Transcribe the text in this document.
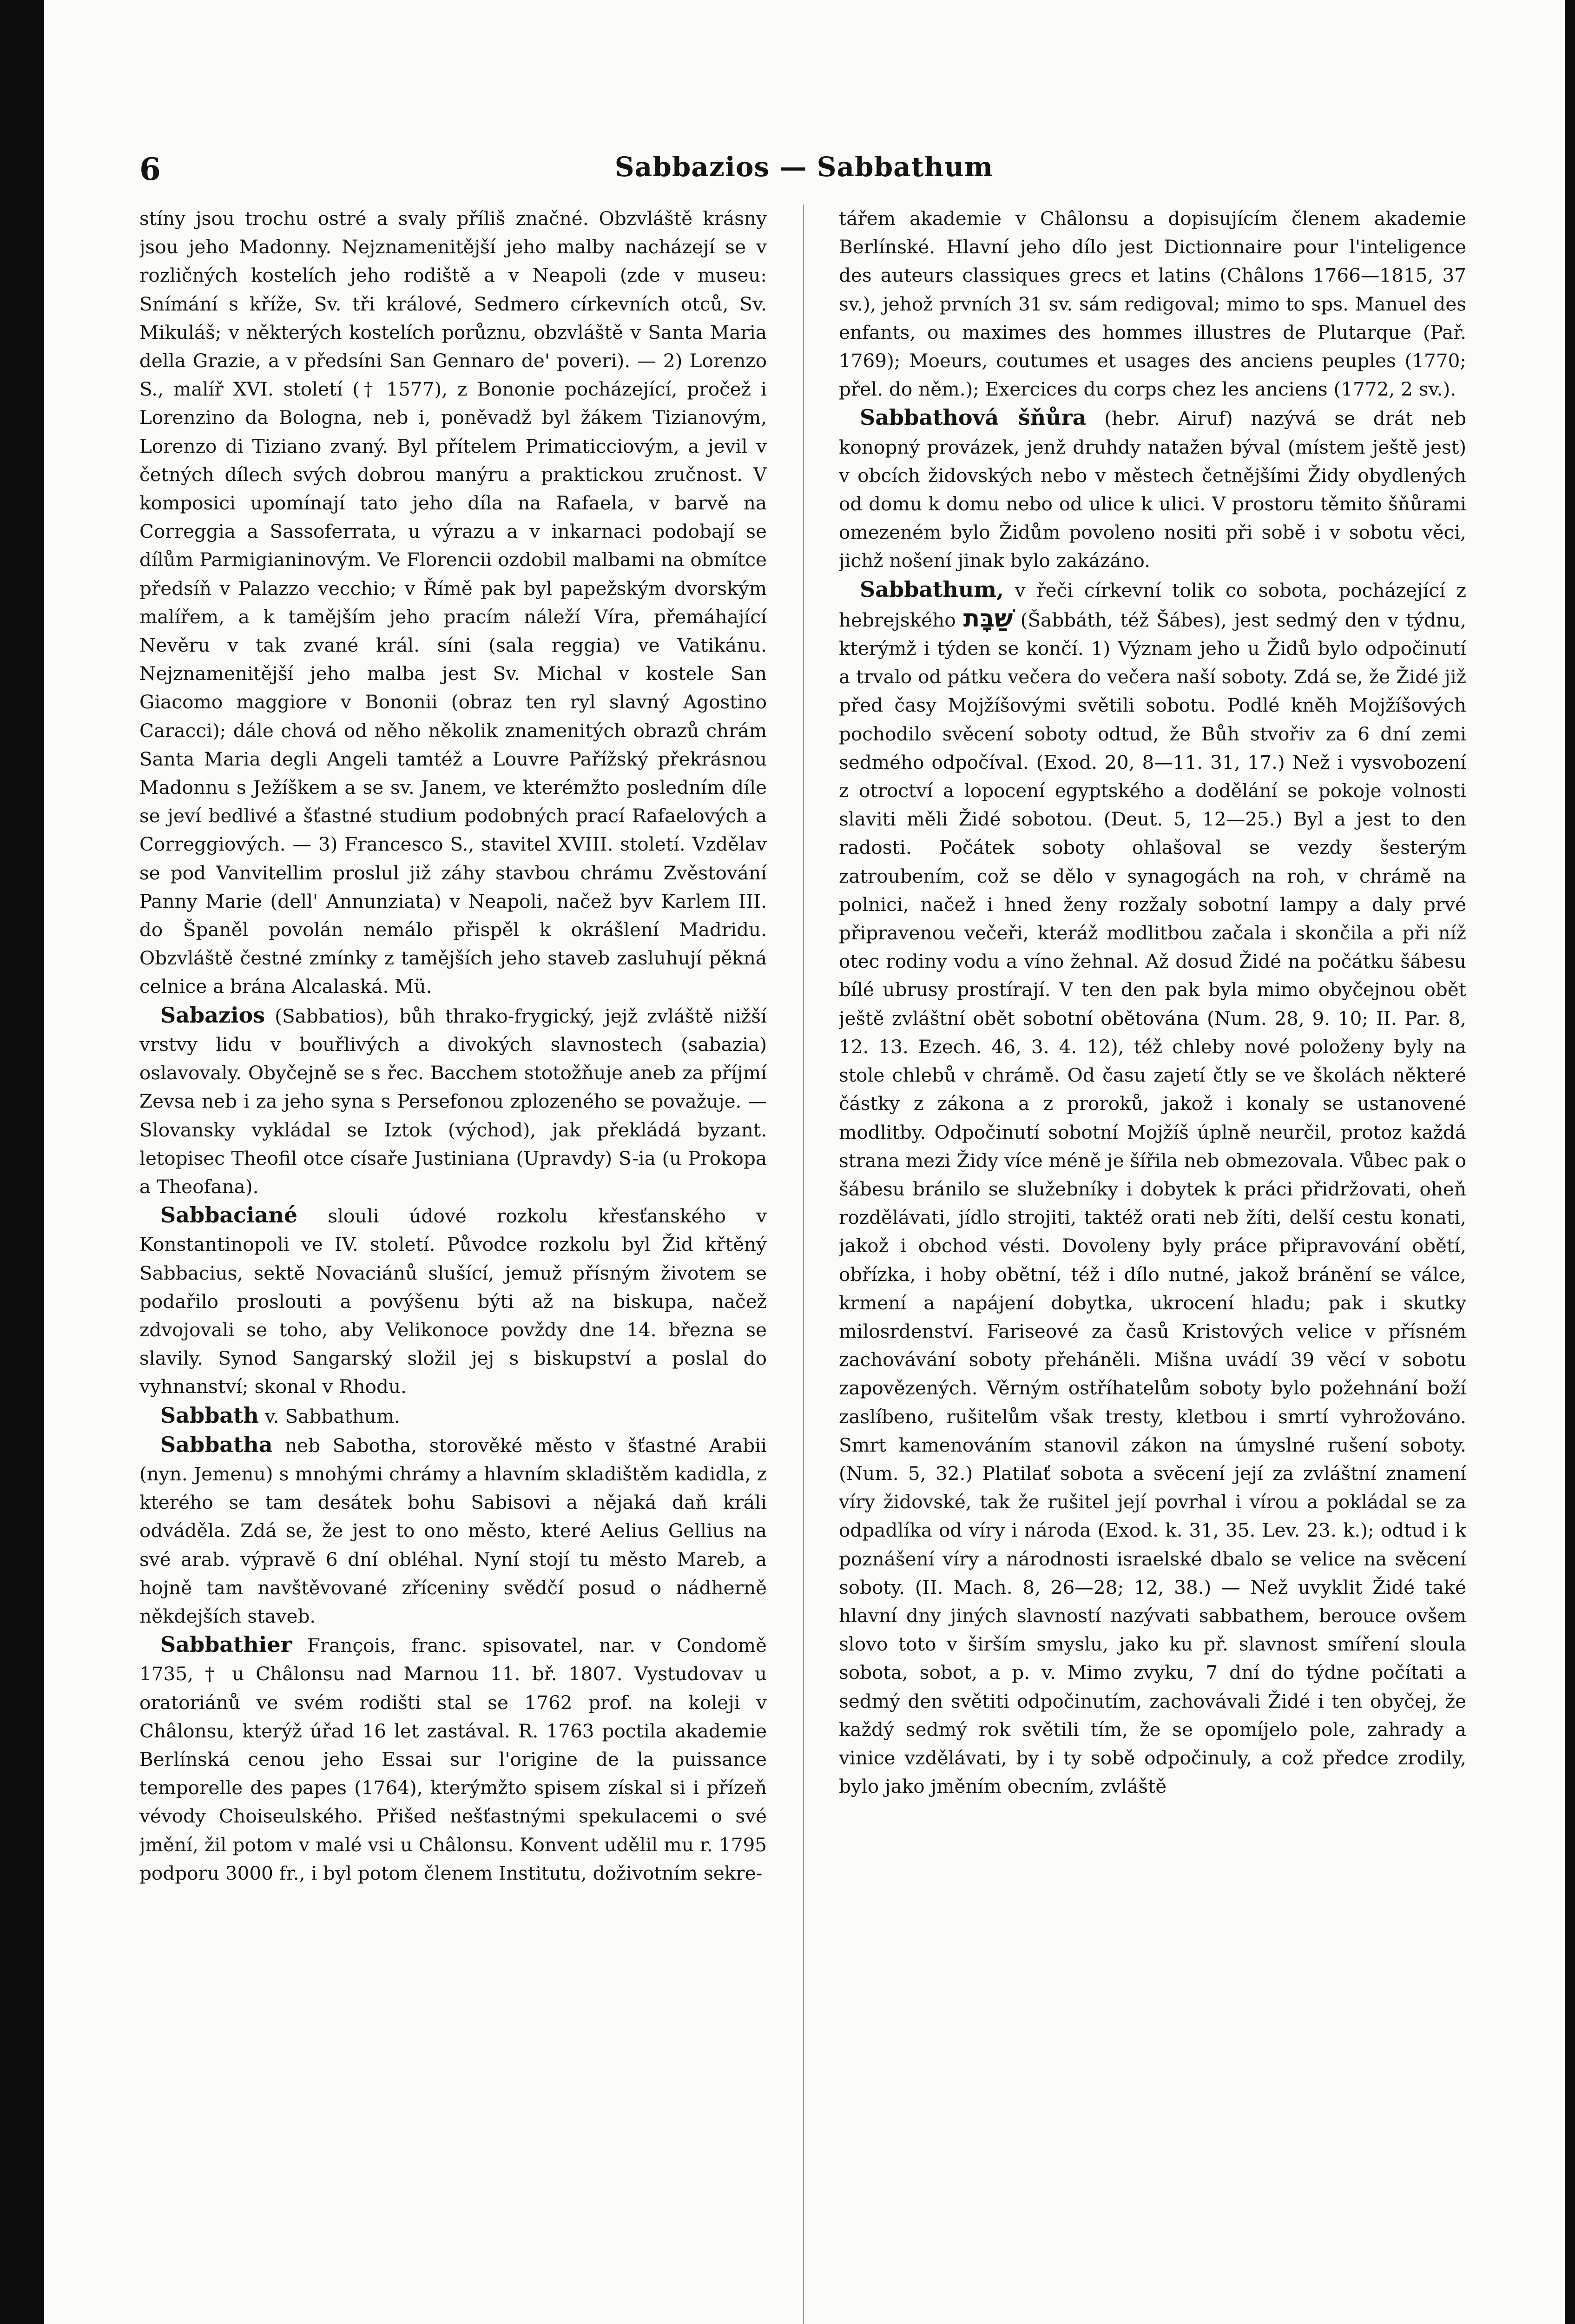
6	Sabbazios — Sabbathum

stíny jsou trochu ostré a svaly příliš značné. Obzvláště krásny jsou jeho Madonny. Nejznamenitější jeho malby nacházejí se v rozličných kostelích jeho rodiště a v Neapoli (zde v museu: Snímání s kříže, Sv. tři králové, Sedmero církevních otců, Sv. Mikuláš; v některých kostelích porůznu, obzvláště v Santa Maria della Grazie, a v předsíni San Gennaro de' poveri). — 2) Lorenzo S., malíř XVI. století († 1577), z Bononie pocházející, pročež i Lorenzino da Bologna, neb i, poněvadž byl žákem Tizianovým, Lorenzo di Tiziano zvaný. Byl přítelem Primaticciovým, a jevil v četných dílech svých dobrou manýru a praktickou zručnost. V komposici upomínají tato jeho díla na Rafaela, v barvě na Correggia a Sassoferrata, u výrazu a v inkarnaci podobají se dílům Parmigianinovým. Ve Florencii ozdobil malbami na obmítce předsíň v Palazzo vecchio; v Římě pak byl papežským dvorským malířem, a k tamějším jeho pracím náleží Víra, přemáhající Nevěru v tak zvané král. síni (sala reggia) ve Vatikánu. Nejznamenitější jeho malba jest Sv. Michal v kostele San Giacomo maggiore v Bononii (obraz ten ryl slavný Agostino Caracci); dále chová od něho několik znamenitých obrazů chrám Santa Maria degli Angeli tamtéž a Louvre Pařížský překrásnou Madonnu s Ježíškem a se sv. Janem, ve kterémžto posledním díle se jeví bedlivé a šťastné studium podobných prací Rafaelových a Correggiových. — 3) Francesco S., stavitel XVIII. století. Vzdělav se pod Vanvitellim proslul již záhy stavbou chrámu Zvěstování Panny Marie (dell' Annunziata) v Neapoli, načež byv Karlem III. do Španěl povolán nemálo přispěl k okrášlení Madridu. Obzvláště čestné zmínky z tamějších jeho staveb zasluhují pěkná celnice a brána Alcalaská. Mü.

Sabazios (Sabbatios), bůh thrako-frygický, jejž zvláště nižší vrstvy lidu v bouřlivých a divokých slavnostech (sabazia) oslavovaly. Obyčejně se s řec. Bacchem stotožňuje aneb za příjmí Zevsa neb i za jeho syna s Persefonou zplozeného se považuje. — Slovansky vykládal se Iztok (východ), jak překládá byzant. letopisec Theofil otce císaře Justiniana (Upravdy) S-ia (u Prokopa a Theofana).

Sabbaciané slouli údové rozkolu křesťanského v Konstantinopoli ve IV. století. Původce rozkolu byl Žid křtěný Sabbacius, sektě Novaciánů slušící, jemuž přísným životem se podařilo proslouti a povýšenu býti až na biskupa, načež zdvojovali se toho, aby Velikonoce povždy dne 14. března se slavily. Synod Sangarský složil jej s biskupství a poslal do vyhnanství; skonal v Rhodu.

Sabbath v. Sabbathum.

Sabbatha neb Sabotha, storověké město v šťastné Arabii (nyn. Jemenu) s mnohými chrámy a hlavním skladištěm kadidla, z kterého se tam desátek bohu Sabisovi a nějaká daň králi odváděla. Zdá se, že jest to ono město, které Aelius Gellius na své arab. výpravě 6 dní obléhal. Nyní stojí tu město Mareb, a hojně tam navštěvované zříceniny svědčí posud o nádherně někdejších staveb.

Sabbathier François, franc. spisovatel, nar. v Condomě 1735, † u Châlonsu nad Marnou 11. bř. 1807. Vystudovav u oratoriánů ve svém rodišti stal se 1762 prof. na koleji v Châlonsu, kterýž úřad 16 let zastával. R. 1763 poctila akademie Berlínská cenou jeho Essai sur l'origine de la puissance temporelle des papes (1764), kterýmžto spisem získal si i přízeň vévody Choiseulského. Přišed nešťastnými spekulacemi o své jmění, žil potom v malé vsi u Châlonsu. Konvent udělil mu r. 1795 podporu 3000 fr., i byl potom členem Institutu, doživotním sekre-

tářem akademie v Châlonsu a dopisujícím členem akademie Berlínské. Hlavní jeho dílo jest Dictionnaire pour l'inteligence des auteurs classiques grecs et latins (Châlons 1766—1815, 37 sv.), jehož prvních 31 sv. sám redigoval; mimo to sps. Manuel des enfants, ou maximes des hommes illustres de Plutarque (Pař. 1769); Moeurs, coutumes et usages des anciens peuples (1770; přel. do něm.); Exercices du corps chez les anciens (1772, 2 sv.).

Sabbathová šňůra (hebr. Airuf) nazývá se drát neb konopný provázek, jenž druhdy natažen býval (místem ještě jest) v obcích židovských nebo v městech četnějšími Židy obydlených od domu k domu nebo od ulice k ulici. V prostoru těmito šňůrami omezeném bylo Židům povoleno nositi při sobě i v sobotu věci, jichž nošení jinak bylo zakázáno.

Sabbathum, v řeči církevní tolik co sobota, pocházející z hebrejského שַׁבָּת (Šabbáth, též Šábes), jest sedmý den v týdnu, kterýmž i týden se končí. 1) Význam jeho u Židů bylo odpočinutí a trvalo od pátku večera do večera naší soboty. Zdá se, že Židé již před časy Mojžíšovými světili sobotu. Podlé kněh Mojžíšových pochodilo svěcení soboty odtud, že Bůh stvořiv za 6 dní zemi sedmého odpočíval. (Exod. 20, 8—11. 31, 17.) Než i vysvobození z otroctví a lopocení egyptského a dodělání se pokoje volnosti slaviti měli Židé sobotou. (Deut. 5, 12—25.) Byl a jest to den radosti. Počátek soboty ohlašoval se vezdy šesterým zatroubením, což se dělo v synagogách na roh, v chrámě na polnici, načež i hned ženy rozžaly sobotní lampy a daly prvé připravenou večeři, kteráž modlitbou začala i skončila a při níž otec rodiny vodu a víno žehnal. Až dosud Židé na počátku šábesu bílé ubrusy prostírají. V ten den pak byla mimo obyčejnou obět ještě zvláštní obět sobotní obětována (Num. 28, 9. 10; II. Par. 8, 12. 13. Ezech. 46, 3. 4. 12), též chleby nové položeny byly na stole chlebů v chrámě. Od času zajetí čtly se ve školách některé částky z zákona a z proroků, jakož i konaly se ustanovené modlitby. Odpočinutí sobotní Mojžíš úplně neurčil, protoz každá strana mezi Židy více méně je šířila neb obmezovala. Vůbec pak o šábesu bránilo se služebníky i dobytek k práci přidržovati, oheň rozdělávati, jídlo strojiti, taktéž orati neb žíti, delší cestu konati, jakož i obchod vésti. Dovoleny byly práce připravování obětí, obřízka, i hoby obětní, též i dílo nutné, jakož bránění se válce, krmení a napájení dobytka, ukrocení hladu; pak i skutky milosrdenství. Fariseové za časů Kristových velice v přísném zachovávání soboty přeháněli. Mišna uvádí 39 věcí v sobotu zapovězených. Věrným ostříhatelům soboty bylo požehnání boží zaslíbeno, rušitelům však tresty, kletbou i smrtí vyhrožováno. Smrt kamenováním stanovil zákon na úmyslné rušení soboty. (Num. 5, 32.) Platilať sobota a svěcení její za zvláštní znamení víry židovské, tak že rušitel její povrhal i vírou a pokládal se za odpadlíka od víry i národa (Exod. k. 31, 35. Lev. 23. k.); odtud i k poznášení víry a národnosti israelské dbalo se velice na svěcení soboty. (II. Mach. 8, 26—28; 12, 38.) — Než uvyklit Židé také hlavní dny jiných slavností nazývati sabbathem, berouce ovšem slovo toto v širším smyslu, jako ku př. slavnost smíření sloula sobota, sobot, a p. v. Mimo zvyku, 7 dní do týdne počítati a sedmý den světiti odpočinutím, zachovávali Židé i ten obyčej, že každý sedmý rok světili tím, že se opomíjelo pole, zahrady a vinice vzdělávati, by i ty sobě odpočinuly, a což předce zrodily, bylo jako jměním obecním, zvláště
